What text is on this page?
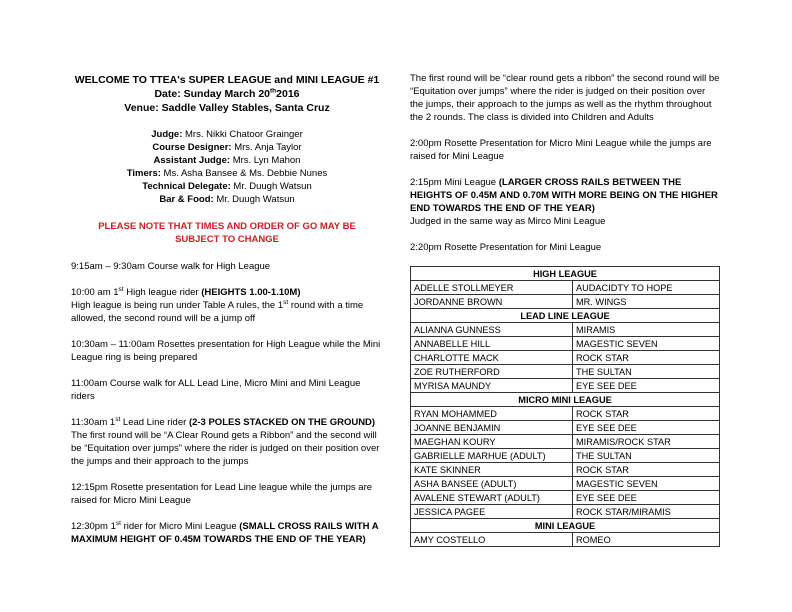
WELCOME TO TTEA's SUPER LEAGUE and MINI LEAGUE #1

Date: Sunday March 20th2016

Venue: Saddle Valley Stables, Santa Cruz

Judge: Mrs. Nikki Chatoor Grainger

Course Designer: Mrs. Anja Taylor

Assistant Judge: Mrs. Lyn Mahon

Timers: Ms. Asha Bansee & Ms. Debbie Nunes

Technical Delegate: Mr. Duugh Watsun

Bar & Food: Mr. Duugh Watsun

PLEASE NOTE THAT TIMES AND ORDER OF GO MAY BE SUBJECT TO CHANGE

9:15am – 9:30am Course walk for High League

10:00 am 1st High league rider (HEIGHTS 1.00-1.10M)

High league is being run under Table A rules, the 1st round with a time allowed, the second round will be a jump off

10:30am – 11:00am Rosettes presentation for High League while the Mini League ring is being prepared

11:00am Course walk for ALL Lead Line, Micro Mini and Mini League riders

11:30am 1st Lead Line rider (2-3 POLES STACKED ON THE GROUND)

The first round will be “A Clear Round gets a Ribbon” and the second will be “Equitation over jumps” where the rider is judged on their position over the jumps and their approach to the jumps

12:15pm Rosette presentation for Lead Line league while the jumps are raised for Micro Mini League

12:30pm 1st rider for Micro Mini League (SMALL CROSS RAILS WITH A MAXIMUM HEIGHT OF 0.45M TOWARDS THE END OF THE YEAR)

The first round will be “clear round gets a ribbon” the second round will be “Equitation over jumps” where the rider is judged on their position over the jumps, their approach to the jumps as well as the rhythm throughout the 2 rounds. The class is divided into Children and Adults

2:00pm Rosette Presentation for Micro Mini League while the jumps are raised for Mini League

2:15pm Mini League (LARGER CROSS RAILS BETWEEN THE HEIGHTS OF 0.45M AND 0.70M WITH MORE BEING ON THE HIGHER END TOWARDS THE END OF THE YEAR)

Judged in the same way as Mirco Mini League

2:20pm Rosette Presentation for Mini League

HIGH LEAGUE	
ADELLE STOLLMEYER	AUDACIDTY TO HOPE
JORDANNE BROWN	MR. WINGS
LEAD LINE LEAGUE	
ALIANNA GUNNESS	MIRAMIS
ANNABELLE HILL	MAGESTIC SEVEN
CHARLOTTE MACK	ROCK STAR
ZOE RUTHERFORD	THE SULTAN
MYRISA MAUNDY	EYE SEE DEE
MICRO MINI LEAGUE	
RYAN MOHAMMED	ROCK STAR
JOANNE BENJAMIN	EYE SEE DEE
MAEGHAN KOURY	MIRAMIS/ROCK STAR
GABRIELLE MARHUE (ADULT)	THE SULTAN
KATE SKINNER	ROCK STAR
ASHA BANSEE (ADULT)	MAGESTIC SEVEN
AVALENE STEWART (ADULT)	EYE SEE DEE
JESSICA PAGEE	ROCK STAR/MIRAMIS
MINI LEAGUE	
AMY COSTELLO	ROMEO
